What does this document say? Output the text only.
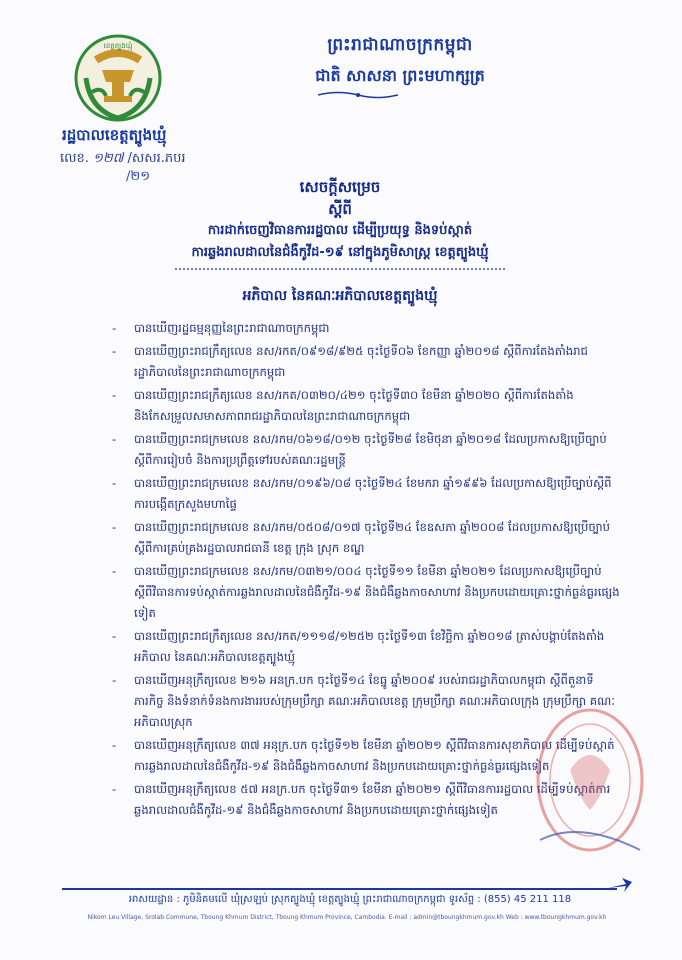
ខេត្តត្បូងឃ្មុំ
រដ្ឋបាលខេត្តត្បូងឃ្មុំ
លេខ. ១២៧ /សសរ.ភបរ
/២១
ព្រះរាជាណាចក្រកម្ពុជា
ជាតិ សាសនា ព្រះមហាក្សត្រ
សេចក្ដីសម្រេច
ស្ដីពី
ការដាក់ចេញវិធានការរដ្ឋបាល ដើម្បីប្រយុទ្ធ និងទប់ស្កាត់
ការឆ្លងរាលដាលនៃជំងឺកូវីដ-១៩ នៅក្នុងភូមិសាស្ត្រ ខេត្តត្បូងឃ្មុំ
អភិបាល នៃគណៈអភិបាលខេត្តត្បូងឃ្មុំ
- បានឃើញរដ្ឋធម្មនុញ្ញនៃព្រះរាជាណាចក្រកម្ពុជា
- បានឃើញព្រះរាជក្រឹត្យលេខ នស/រកត/០៩១៨/៩២៥ ចុះថ្ងៃទី០៦ ខែកញ្ញា ឆ្នាំ២០១៨ ស្ដីពីការតែងតាំងរាជរដ្ឋាភិបាលនៃព្រះរាជាណាចក្រកម្ពុជា
- បានឃើញព្រះរាជក្រឹត្យលេខ នស/រកត/០៣២០/៤២១ ចុះថ្ងៃទី៣០ ខែមីនា ឆ្នាំ២០២០ ស្ដីពីការតែងតាំង និងកែសម្រួលសមាសភាពរាជរដ្ឋាភិបាលនៃព្រះរាជាណាចក្រកម្ពុជា
- បានឃើញព្រះរាជក្រមលេខ នស/រកម/០៦១៨/០១២ ចុះថ្ងៃទី២៨ ខែមិថុនា ឆ្នាំ២០១៨ ដែលប្រកាសឱ្យប្រើច្បាប់ស្ដីពីការរៀបចំ និងការប្រព្រឹត្តទៅរបស់គណៈរដ្ឋមន្ត្រី
- បានឃើញព្រះរាជក្រមលេខ នស/រកម/០១៩៦/០៨ ចុះថ្ងៃទី២៤ ខែមករា ឆ្នាំ១៩៩៦ ដែលប្រកាសឱ្យប្រើច្បាប់ស្ដីពីការបង្កើតក្រសួងមហាផ្ទៃ
- បានឃើញព្រះរាជក្រមលេខ នស/រកម/០៥០៨/០១៧ ចុះថ្ងៃទី២៤ ខែឧសភា ឆ្នាំ២០០៨ ដែលប្រកាសឱ្យប្រើច្បាប់ ស្ដីពីការគ្រប់គ្រងរដ្ឋបាលរាជធានី ខេត្ត ក្រុង ស្រុក ខណ្ឌ
- បានឃើញព្រះរាជក្រមលេខ នស/រកម/០៣២១/០០៤ ចុះថ្ងៃទី១១ ខែមីនា ឆ្នាំ២០២១ ដែលប្រកាសឱ្យប្រើច្បាប់ ស្ដីពីវិធានការទប់ស្កាត់ការឆ្លងរាលដាលនៃជំងឺកូវីដ-១៩ និងជំងឺឆ្លងកាចសាហាវ និងប្រកបដោយគ្រោះថ្នាក់ធ្ងន់ធ្ងរផ្សេងទៀត
- បានឃើញព្រះរាជក្រឹត្យលេខ នស/រកត/១១១៨/១២៥២ ចុះថ្ងៃទី១៣ ខែវិច្ឆិកា ឆ្នាំ២០១៨ ត្រាស់បង្គាប់តែងតាំងអភិបាល នៃគណៈអភិបាលខេត្តត្បូងឃ្មុំ
- បានឃើញអនុក្រឹត្យលេខ ២១៦ អនក្រ.បក ចុះថ្ងៃទី១៤ ខែធ្នូ ឆ្នាំ២០០៩ របស់រាជរដ្ឋាភិបាលកម្ពុជា ស្ដីពីតួនាទី ភារកិច្ច និងទំនាក់ទំនងការងាររបស់ក្រុមប្រឹក្សា គណៈអភិបាលខេត្ត ក្រុមប្រឹក្សា គណៈអភិបាលក្រុង ក្រុមប្រឹក្សា គណៈអភិបាលស្រុក
- បានឃើញអនុក្រឹត្យលេខ ៣៧ អនុក្រ.បក ចុះថ្ងៃទី១២ ខែមីនា ឆ្នាំ២០២១ ស្ដីពីវិធានការសុខាភិបាល ដើម្បីទប់ស្កាត់ការឆ្លងរាលដាលនៃជំងឺកូវីដ-១៩ និងជំងឺឆ្លងកាចសាហាវ និងប្រកបដោយគ្រោះថ្នាក់ធ្ងន់ធ្ងរផ្សេងទៀត
- បានឃើញអនុក្រឹត្យលេខ ៥៧ អនក្រ.បក ចុះថ្ងៃទី៣១ ខែមីនា ឆ្នាំ២០២១ ស្ដីពីវិធានការរដ្ឋបាល ដើម្បីទប់ស្កាត់ការឆ្លងរាលដាលជំងឺកូវីដ-១៩ និងជំងឺឆ្លងកាចសាហាវ និងប្រកបដោយគ្រោះថ្នាក់ផ្សេងទៀត
អាសយដ្ឋាន : ភូមិនិគមលើ ឃុំស្រឡប់ ស្រុកត្បូងឃ្មុំ ខេត្តត្បូងឃ្មុំ ព្រះរាជាណាចក្រកម្ពុជា ទូរស័ព្ទ : (855) 45 211 118
Nikom Leu Village, Srolab Commune, Tboung Khmum District, Tboung Khmum Province, Cambodia. E-mail : admin@tboungkhmum.gov.kh Web : www.tboungkhmum.gov.kh
